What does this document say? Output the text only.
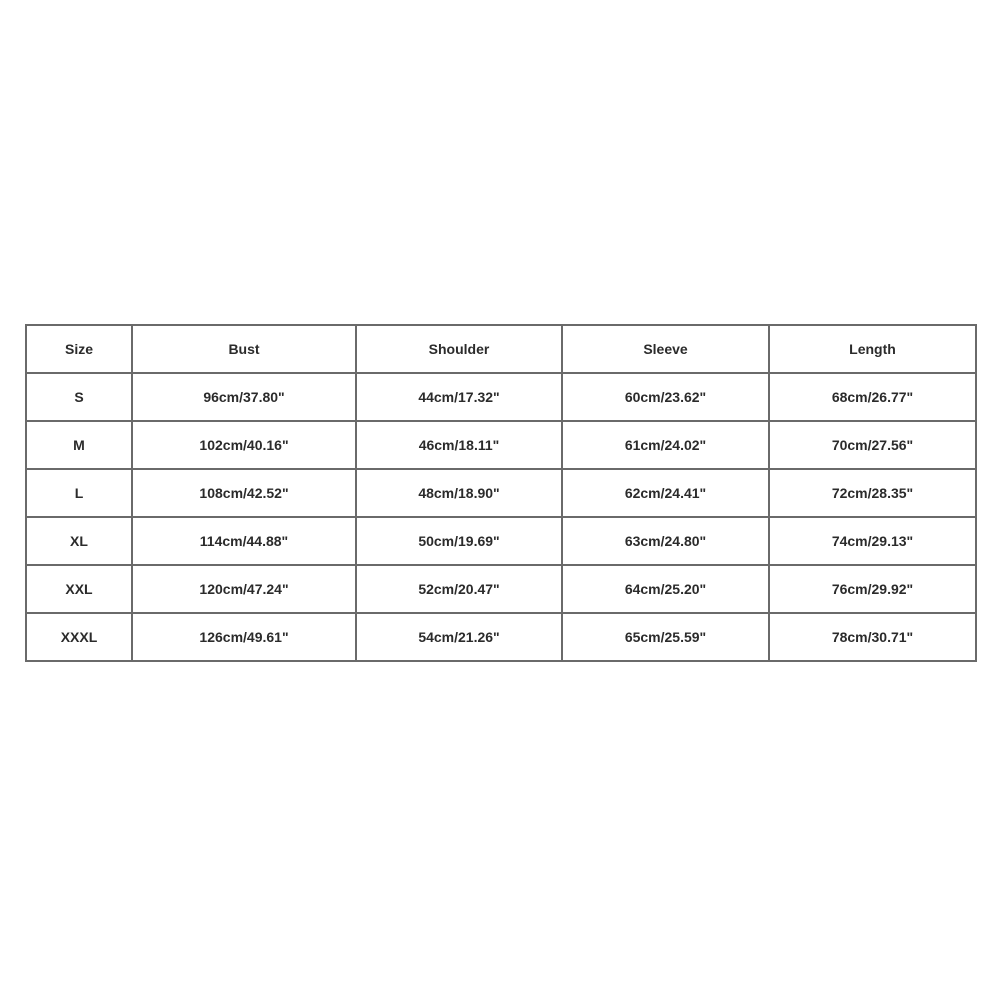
Size	Bust	Shoulder	Sleeve	Length
S	96cm/37.80"	44cm/17.32"	60cm/23.62"	68cm/26.77"
M	102cm/40.16"	46cm/18.11"	61cm/24.02"	70cm/27.56"
L	108cm/42.52"	48cm/18.90"	62cm/24.41"	72cm/28.35"
XL	114cm/44.88"	50cm/19.69"	63cm/24.80"	74cm/29.13"
XXL	120cm/47.24"	52cm/20.47"	64cm/25.20"	76cm/29.92"
XXXL	126cm/49.61"	54cm/21.26"	65cm/25.59"	78cm/30.71"
